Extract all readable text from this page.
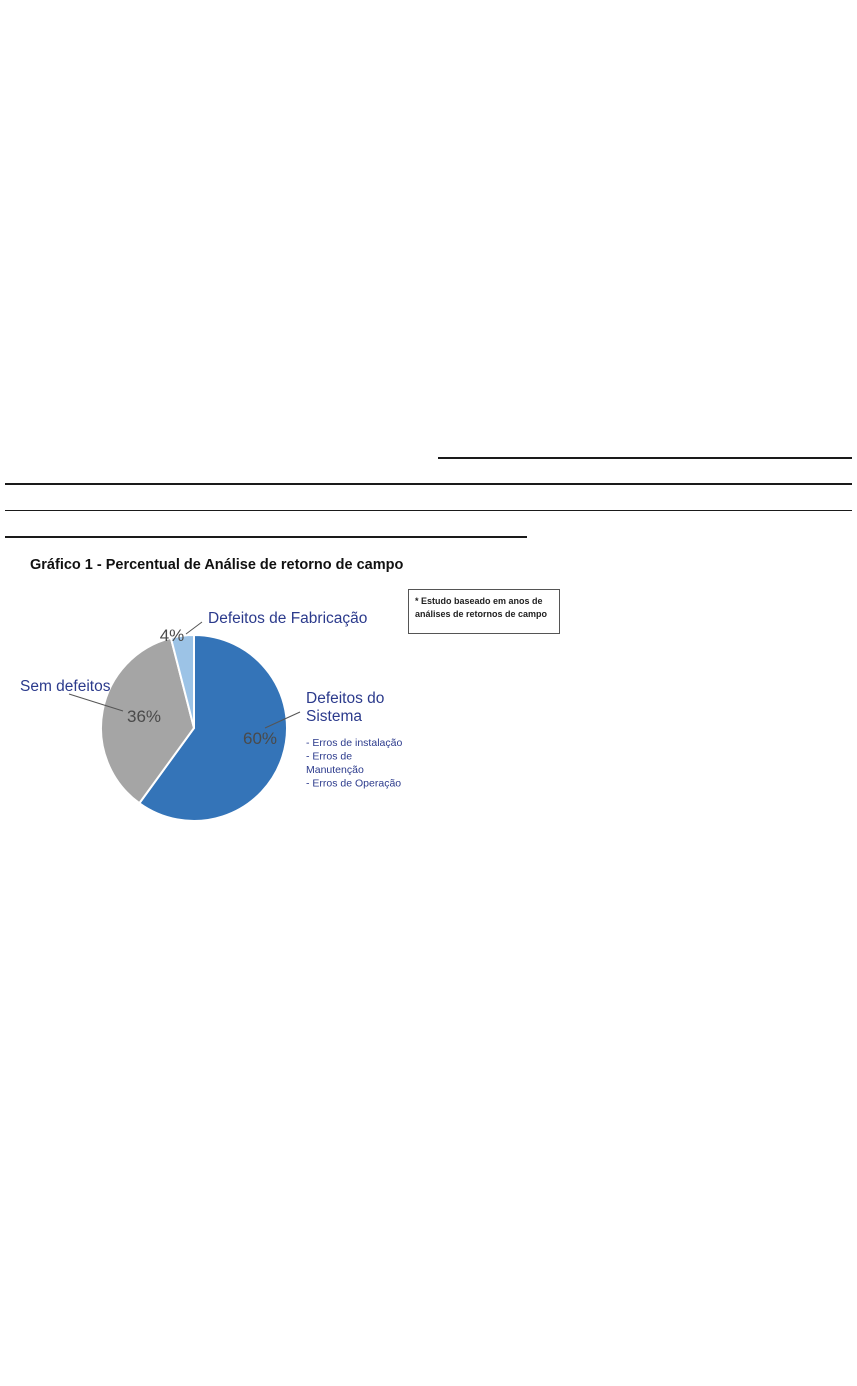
Gráfico 1 - Percentual de Análise de retorno de campo
* Estudo baseado em anos de análises de retornos de campo
60%
Defeitos do Sistema
- Erros de instalação - Erros de Manutenção - Erros de Operação
36%
Sem defeitos
4%
Defeitos de Fabricação
